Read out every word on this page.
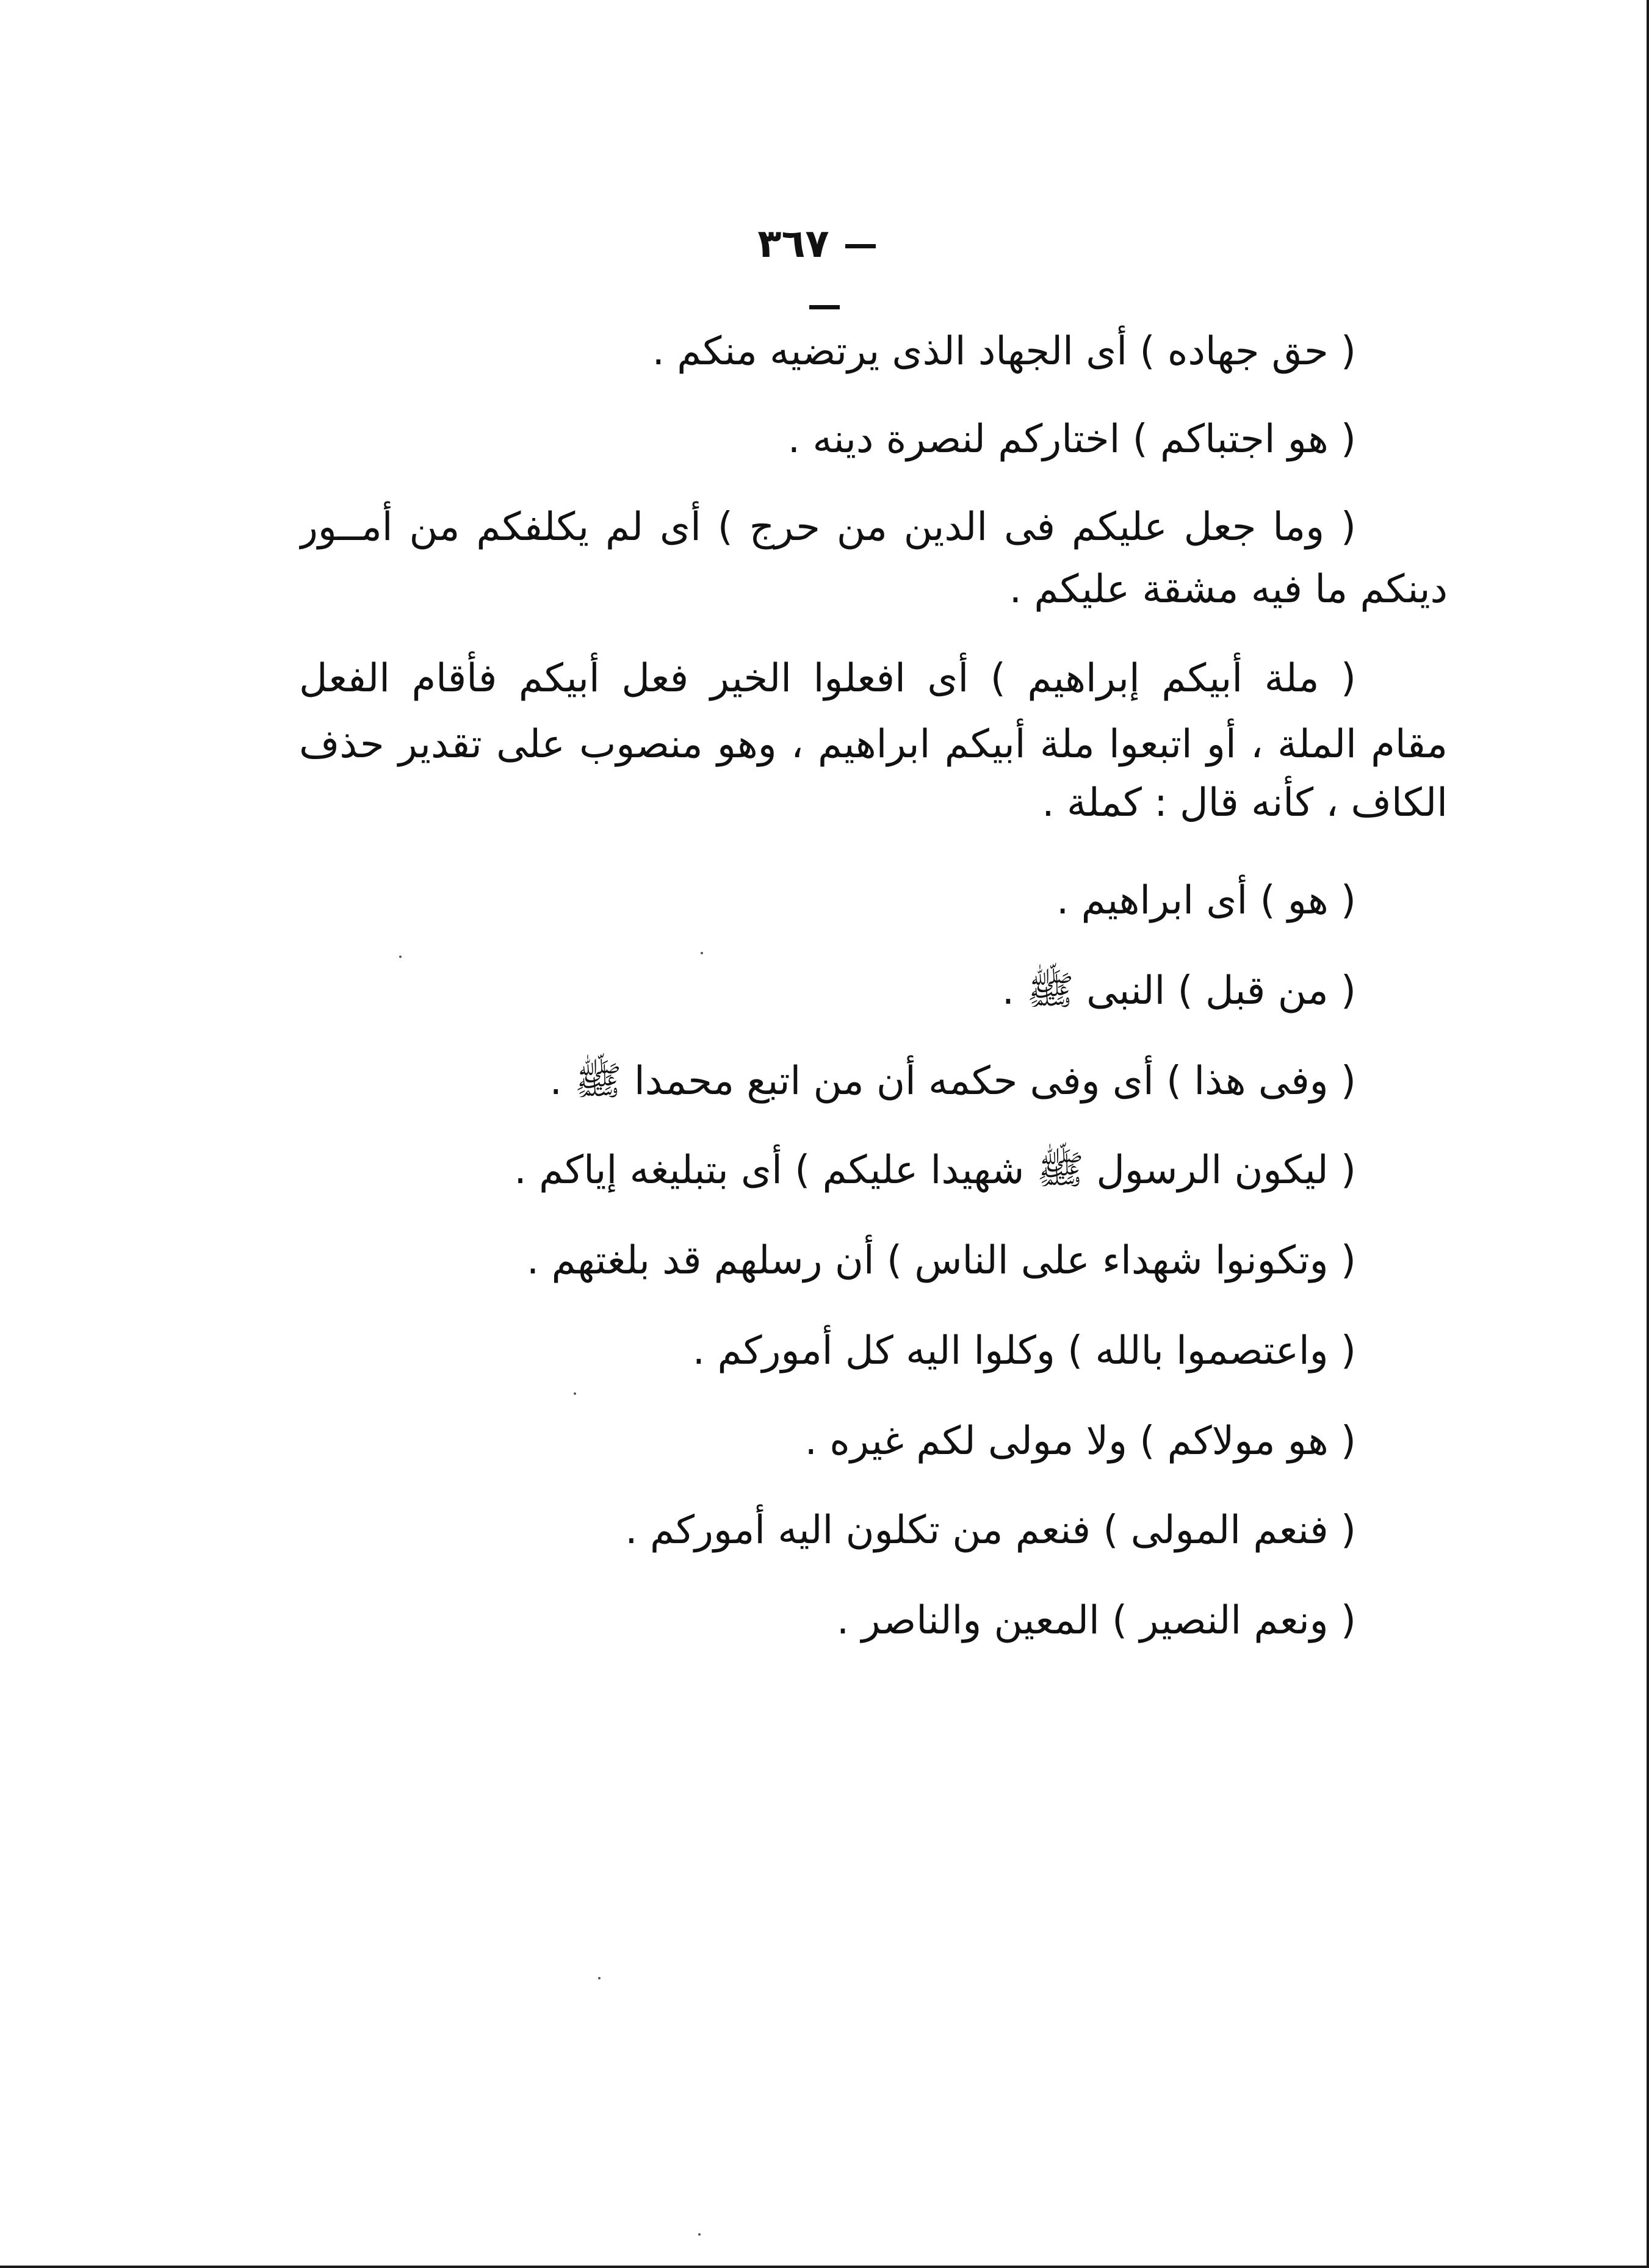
٣٦٧
( حق جهاده ) أى الجهاد الذى يرتضيه منكم .
( هو اجتباكم ) اختاركم لنصرة دينه .
( وما جعل عليكم فى الدين من حرج ) أى لم يكلفكم من أمــور
دينكم ما فيه مشقة عليكم .
( ملة أبيكم إبراهيم ) أى افعلوا الخير فعل أبيكم فأقام الفعل
مقام الملة ، أو اتبعوا ملة أبيكم ابراهيم ، وهو منصوب على تقدير حذف
الكاف ، كأنه قال : كملة .
( هو ) أى ابراهيم .
( من قبل ) النبى ﷺ .
( وفى هذا ) أى وفى حكمه أن من اتبع محمدا ﷺ .
( ليكون الرسول ﷺ شهيدا عليكم ) أى بتبليغه إياكم .
( وتكونوا شهداء على الناس ) أن رسلهم قد بلغتهم .
( واعتصموا بالله ) وكلوا اليه كل أموركم .
( هو مولاكم ) ولا مولى لكم غيره .
( فنعم المولى ) فنعم من تكلون اليه أموركم .
( ونعم النصير ) المعين والناصر .
